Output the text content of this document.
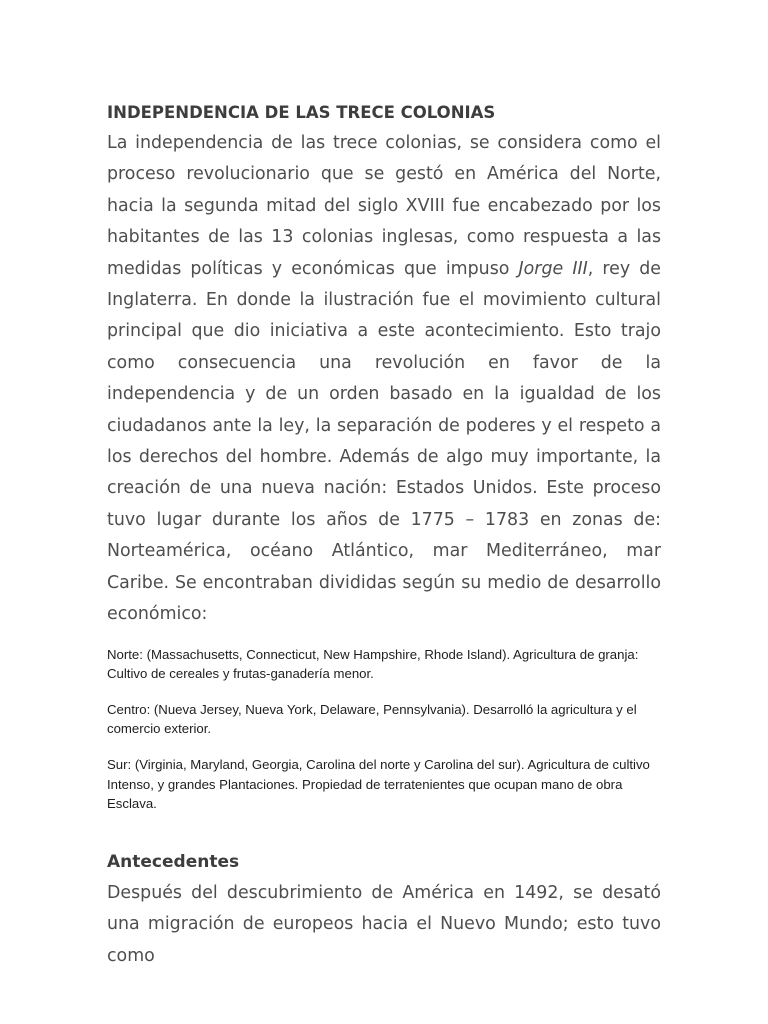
INDEPENDENCIA DE LAS TRECE COLONIAS

La independencia de las trece colonias, se considera como el proceso revolucionario que se gestó en América del Norte, hacia la segunda mitad del siglo XVIII fue encabezado por los habitantes de las 13 colonias inglesas, como respuesta a las medidas políticas y económicas que impuso Jorge III, rey de Inglaterra. En donde la ilustración fue el movimiento cultural principal que dio iniciativa a este acontecimiento. Esto trajo como consecuencia una revolución en favor de la independencia y de un orden basado en la igualdad de los ciudadanos ante la ley, la separación de poderes y el respeto a los derechos del hombre. Además de algo muy importante, la creación de una nueva nación: Estados Unidos. Este proceso tuvo lugar durante los años de 1775 – 1783 en zonas de: Norteamérica, océano Atlántico, mar Mediterráneo, mar Caribe. Se encontraban divididas según su medio de desarrollo económico:

Norte: (Massachusetts, Connecticut, New Hampshire, Rhode Island). Agricultura de granja: Cultivo de cereales y frutas-ganadería menor.

Centro: (Nueva Jersey, Nueva York, Delaware, Pennsylvania). Desarrolló la agricultura y el comercio exterior.

Sur: (Virginia, Maryland, Georgia, Carolina del norte y Carolina del sur). Agricultura de cultivo Intenso, y grandes Plantaciones. Propiedad de terratenientes que ocupan mano de obra Esclava.

Antecedentes

Después del descubrimiento de América en 1492, se desató una migración de europeos hacia el Nuevo Mundo; esto tuvo como
